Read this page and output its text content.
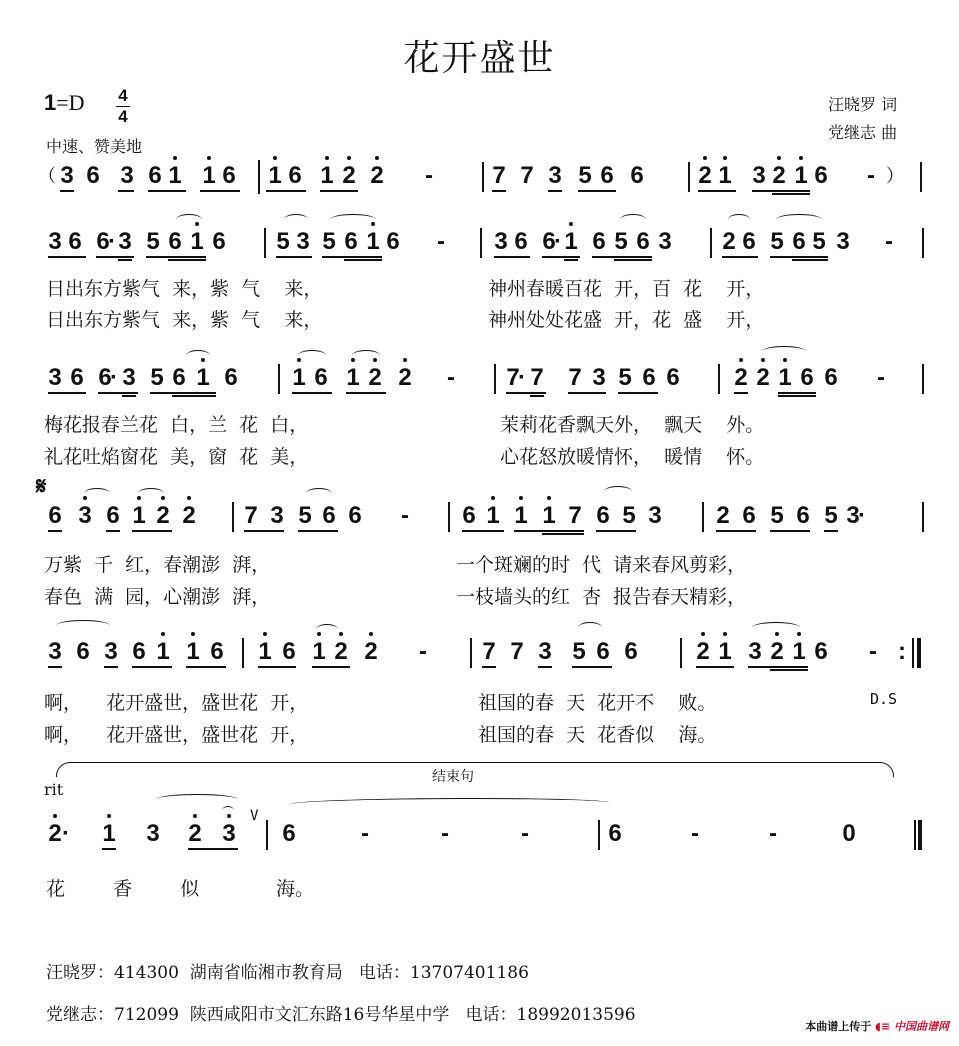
花开盛世
1=D 4
4
中速、赞美地
汪晓罗 词
党继志 曲
（ 3 6 3 6 1 1 6 1 6 1 2 2 - 7 7 3 5 6 6 2 1 3 2 1 6 - ）
3 6 6
· 3 5 6 1 6 5 3 5 6 1 6 - 3 6 6
· 1 6 5 6 3 2 6 5 6 5 3 -
日出东方紫气  来，紫  气    来，
日出东方紫气  来，紫  气    来，
神州春暖百花  开，百  花    开，
神州处处花盛  开，花  盛    开，
3 6 6
· 3 5 6 1 6 1 6 1 2 2 - 7
· 7 7 3 5 6 6 2 2 1 6 6 -
梅花报春兰花  白，兰  花  白，
礼花吐焰窗花  美，窗  花  美，
茉莉花香飘天外，  飘天    外。
心花怒放暖情怀，  暖情    怀。
𝄋
6 3 6 1 2 2 7 3 5 6 6 - 6 1 1 1 7 6 5 3 2 6 5 6 5 3
·
万紫  千  红，春潮澎  湃，
春色  满  园，心潮澎  湃，
一个斑斓的时  代  请来春风剪彩，
一枝墙头的红  杏  报告春天精彩，
3 6 3 6 1 1 6 1 6 1 2 2 - 7 7 3 5 6 6 2 1 3 2 1 6 - :
啊，    花开盛世，盛世花  开，
啊，    花开盛世，盛世花  开，
祖国的春  天  花开不    败。
祖国的春  天  花香似    海。
D.S
rit
结束句
V
2 · 1 3 2 3 6	-	-	-	6	-	-	0
花  香  似	海。
汪晓罗：414300  湖南省临湘市教育局   电话：13707401186
党继志：712099  陕西咸阳市文汇东路16号华星中学   电话：18992013596
本曲谱上传于 ◖≡ 中国曲谱网
